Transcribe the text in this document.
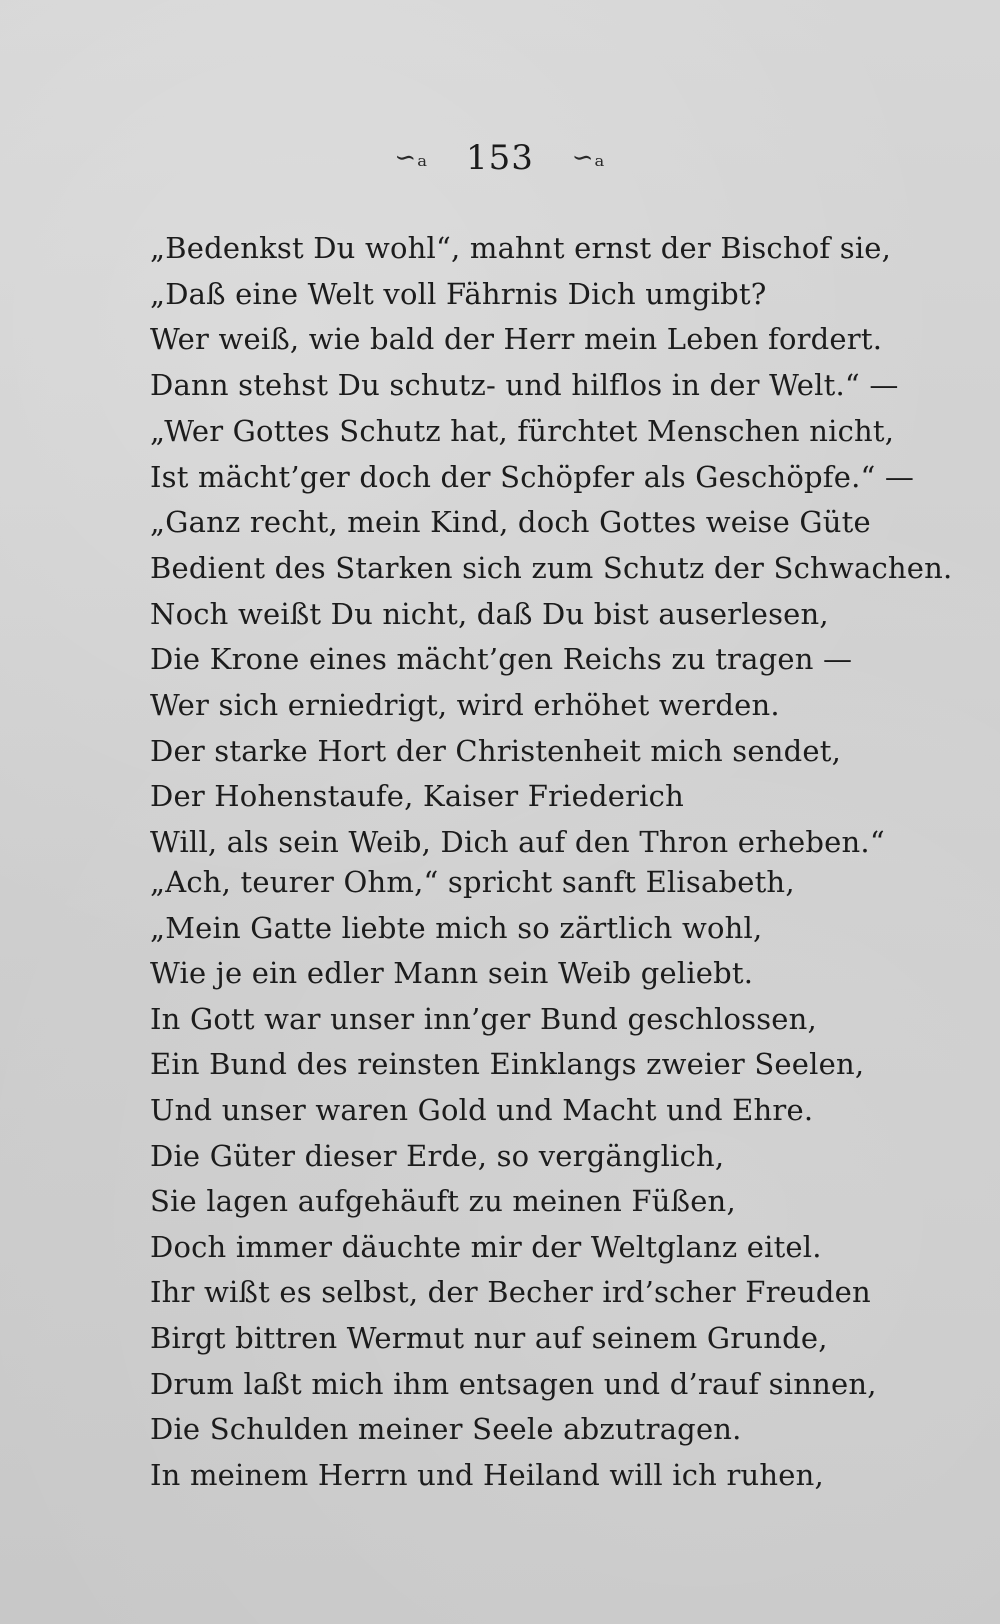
∽ₐ 153 ∽ₐ
„Bedenkst Du wohl“, mahnt ernst der Bischof sie,
„Daß eine Welt voll Fährnis Dich umgibt?
Wer weiß, wie bald der Herr mein Leben fordert.
Dann stehst Du schutz- und hilflos in der Welt.“ —
„Wer Gottes Schutz hat, fürchtet Menschen nicht,
Ist mächt’ger doch der Schöpfer als Geschöpfe.“ —
„Ganz recht, mein Kind, doch Gottes weise Güte
Bedient des Starken sich zum Schutz der Schwachen.
Noch weißt Du nicht, daß Du bist auserlesen,
Die Krone eines mächt’gen Reichs zu tragen —
Wer sich erniedrigt, wird erhöhet werden.
Der starke Hort der Christenheit mich sendet,
Der Hohenstaufe, Kaiser Friederich
Will, als sein Weib, Dich auf den Thron erheben.“
„Ach, teurer Ohm,“ spricht sanft Elisabeth,
„Mein Gatte liebte mich so zärtlich wohl,
Wie je ein edler Mann sein Weib geliebt.
In Gott war unser inn’ger Bund geschlossen,
Ein Bund des reinsten Einklangs zweier Seelen,
Und unser waren Gold und Macht und Ehre.
Die Güter dieser Erde, so vergänglich,
Sie lagen aufgehäuft zu meinen Füßen,
Doch immer däuchte mir der Weltglanz eitel.
Ihr wißt es selbst, der Becher ird’scher Freuden
Birgt bittren Wermut nur auf seinem Grunde,
Drum laßt mich ihm entsagen und d’rauf sinnen,
Die Schulden meiner Seele abzutragen.
In meinem Herrn und Heiland will ich ruhen,
